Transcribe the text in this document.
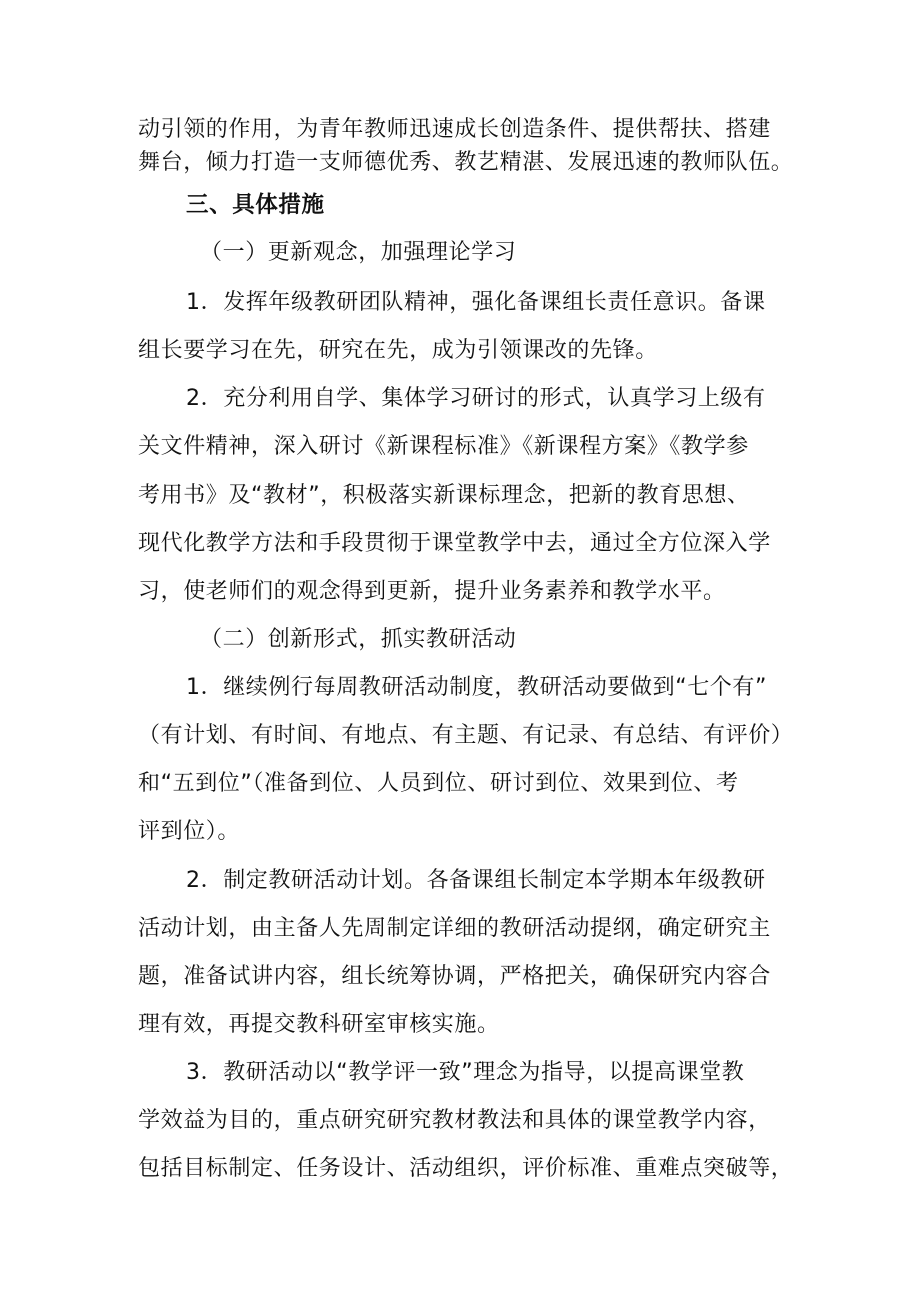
动引领的作用，为青年教师迅速成长创造条件、提供帮扶、搭建

舞台，倾力打造一支师德优秀、教艺精湛、发展迅速的教师队伍。

三、具体措施

（一）更新观念，加强理论学习

1．发挥年级教研团队精神，强化备课组长责任意识。备课

组长要学习在先，研究在先，成为引领课改的先锋。

2．充分利用自学、集体学习研讨的形式，认真学习上级有

关文件精神，深入研讨《新课程标准》《新课程方案》《教学参

考用书》及“教材”，积极落实新课标理念，把新的教育思想、

现代化教学方法和手段贯彻于课堂教学中去，通过全方位深入学

习，使老师们的观念得到更新，提升业务素养和教学水平。

（二）创新形式，抓实教研活动

1．继续例行每周教研活动制度，教研活动要做到“七个有”

（有计划、有时间、有地点、有主题、有记录、有总结、有评价）

和“五到位”（准备到位、人员到位、研讨到位、效果到位、考

评到位）。

2．制定教研活动计划。各备课组长制定本学期本年级教研

活动计划，由主备人先周制定详细的教研活动提纲，确定研究主

题，准备试讲内容，组长统筹协调，严格把关，确保研究内容合

理有效，再提交教科研室审核实施。

3．教研活动以“教学评一致”理念为指导，以提高课堂教

学效益为目的，重点研究研究教材教法和具体的课堂教学内容，

包括目标制定、任务设计、活动组织，评价标准、重难点突破等，
